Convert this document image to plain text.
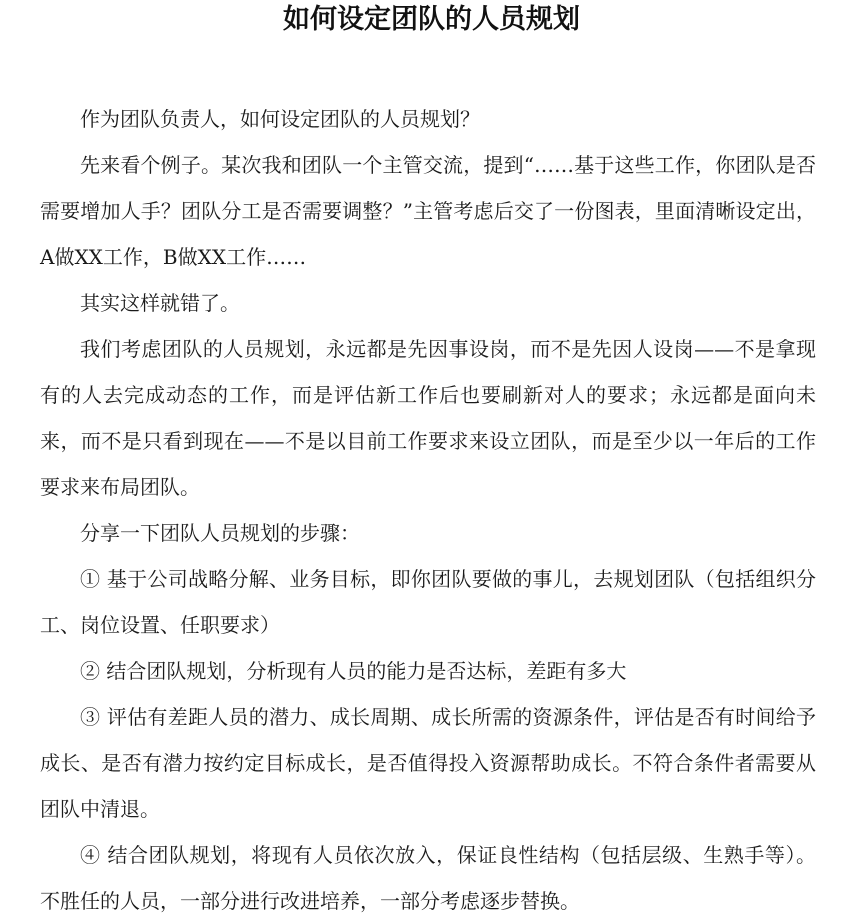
如何设定团队的人员规划

作为团队负责人，如何设定团队的人员规划？

先来看个例子。某次我和团队一个主管交流，提到“……基于这些工作，你团队是否需要增加人手？团队分工是否需要调整？”主管考虑后交了一份图表，里面清晰设定出，A做XX工作，B做XX工作……

其实这样就错了。

我们考虑团队的人员规划，永远都是先因事设岗，而不是先因人设岗——不是拿现有的人去完成动态的工作，而是评估新工作后也要刷新对人的要求；永远都是面向未来，而不是只看到现在——不是以目前工作要求来设立团队，而是至少以一年后的工作要求来布局团队。

分享一下团队人员规划的步骤：

① 基于公司战略分解、业务目标，即你团队要做的事儿，去规划团队（包括组织分工、岗位设置、任职要求）

② 结合团队规划，分析现有人员的能力是否达标，差距有多大

③ 评估有差距人员的潜力、成长周期、成长所需的资源条件，评估是否有时间给予成长、是否有潜力按约定目标成长，是否值得投入资源帮助成长。不符合条件者需要从团队中清退。

④ 结合团队规划，将现有人员依次放入，保证良性结构（包括层级、生熟手等）。不胜任的人员，一部分进行改进培养，一部分考虑逐步替换。
